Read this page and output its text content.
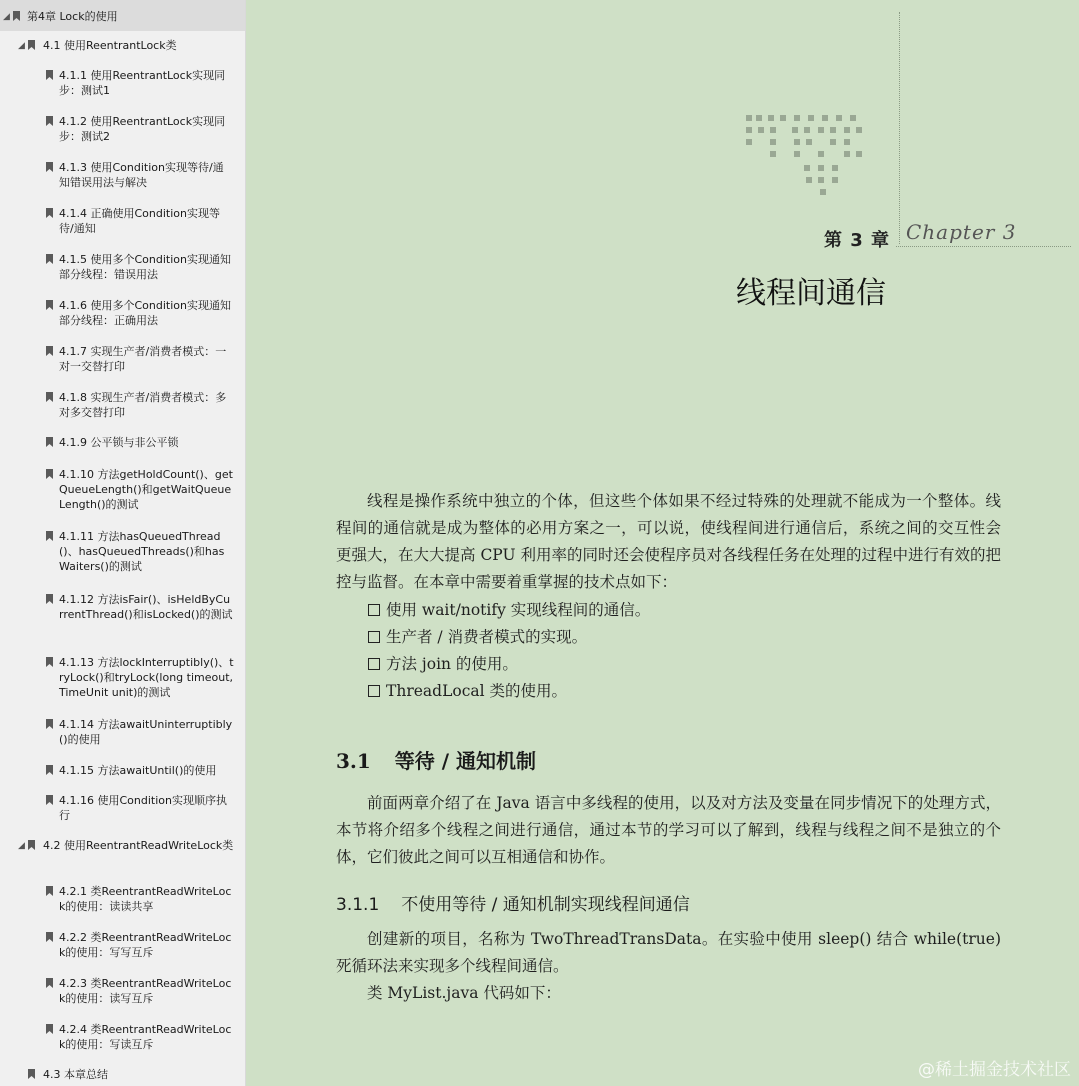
◢ 第4章 Lock的使用
◢ 4.1 使用ReentrantLock类
4.1.1 使用ReentrantLock实现同步：测试1
4.1.2 使用ReentrantLock实现同步：测试2
4.1.3 使用Condition实现等待/通知错误用法与解决
4.1.4 正确使用Condition实现等待/通知
4.1.5 使用多个Condition实现通知部分线程：错误用法
4.1.6 使用多个Condition实现通知部分线程：正确用法
4.1.7 实现生产者/消费者模式：一对一交替打印
4.1.8 实现生产者/消费者模式：多对多交替打印
4.1.9 公平锁与非公平锁
4.1.10 方法getHoldCount()、getQueueLength()和getWaitQueueLength()的测试
4.1.11 方法hasQueuedThread()、hasQueuedThreads()和hasWaiters()的测试
4.1.12 方法isFair()、isHeldByCurrentThread()和isLocked()的测试
4.1.13 方法lockInterruptibly()、tryLock()和tryLock(long timeout,TimeUnit unit)的测试
4.1.14 方法awaitUninterruptibly()的使用
4.1.15 方法awaitUntil()的使用
4.1.16 使用Condition实现顺序执行
◢ 4.2 使用ReentrantReadWriteLock类
4.2.1 类ReentrantReadWriteLock的使用：读读共享
4.2.2 类ReentrantReadWriteLock的使用：写写互斥
4.2.3 类ReentrantReadWriteLock的使用：读写互斥
4.2.4 类ReentrantReadWriteLock的使用：写读互斥
4.3 本章总结
第 3 章 Chapter 3
线程间通信
线程是操作系统中独立的个体，但这些个体如果不经过特殊的处理就不能成为一个整体。线程间的通信就是成为整体的必用方案之一，可以说，使线程间进行通信后，系统之间的交互性会更强大，在大大提高 CPU 利用率的同时还会使程序员对各线程任务在处理的过程中进行有效的把控与监督。在本章中需要着重掌握的技术点如下：
使用 wait/notify 实现线程间的通信。
生产者 / 消费者模式的实现。
方法 join 的使用。
ThreadLocal 类的使用。
3.1 等待 / 通知机制
前面两章介绍了在 Java 语言中多线程的使用，以及对方法及变量在同步情况下的处理方式，本节将介绍多个线程之间进行通信，通过本节的学习可以了解到，线程与线程之间不是独立的个体，它们彼此之间可以互相通信和协作。
3.1.1 不使用等待 / 通知机制实现线程间通信
创建新的项目，名称为 TwoThreadTransData。在实验中使用 sleep() 结合 while(true) 死循环法来实现多个线程间通信。
类 MyList.java 代码如下：
@稀土掘金技术社区
